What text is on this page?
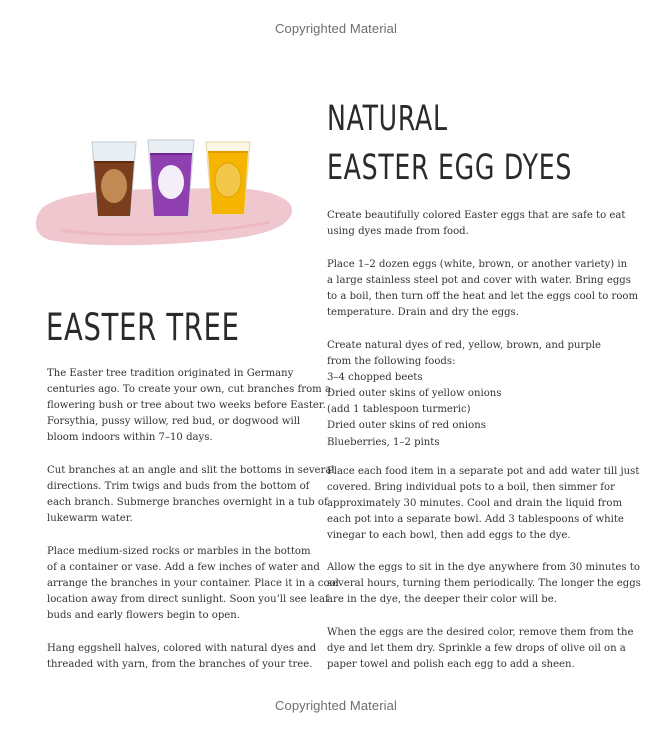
Copyrighted Material
NATURAL
EASTER EGG DYES

Create beautifully colored Easter eggs that are safe to eat
using dyes made from food.

Place 1–2 dozen eggs (white, brown, or another variety) in
a large stainless steel pot and cover with water. Bring eggs
to a boil, then turn off the heat and let the eggs cool to room
temperature. Drain and dry the eggs.

Create natural dyes of red, yellow, brown, and purple
from the following foods:
3–4 chopped beets
Dried outer skins of yellow onions
(add 1 tablespoon turmeric)
Dried outer skins of red onions
Blueberries, 1–2 pints

Place each food item in a separate pot and add water till just
covered. Bring individual pots to a boil, then simmer for
approximately 30 minutes. Cool and drain the liquid from
each pot into a separate bowl. Add 3 tablespoons of white
vinegar to each bowl, then add eggs to the dye.

Allow the eggs to sit in the dye anywhere from 30 minutes to
several hours, turning them periodically. The longer the eggs
are in the dye, the deeper their color will be.

When the eggs are the desired color, remove them from the
dye and let them dry. Sprinkle a few drops of olive oil on a
paper towel and polish each egg to add a sheen.

EASTER TREE

The Easter tree tradition originated in Germany
centuries ago. To create your own, cut branches from a
flowering bush or tree about two weeks before Easter.
Forsythia, pussy willow, red bud, or dogwood will
bloom indoors within 7–10 days.

Cut branches at an angle and slit the bottoms in several
directions. Trim twigs and buds from the bottom of
each branch. Submerge branches overnight in a tub of
lukewarm water.

Place medium-sized rocks or marbles in the bottom
of a container or vase. Add a few inches of water and
arrange the branches in your container. Place it in a cool
location away from direct sunlight. Soon you’ll see leaf
buds and early flowers begin to open.

Hang eggshell halves, colored with natural dyes and
threaded with yarn, from the branches of your tree.

Copyrighted Material
